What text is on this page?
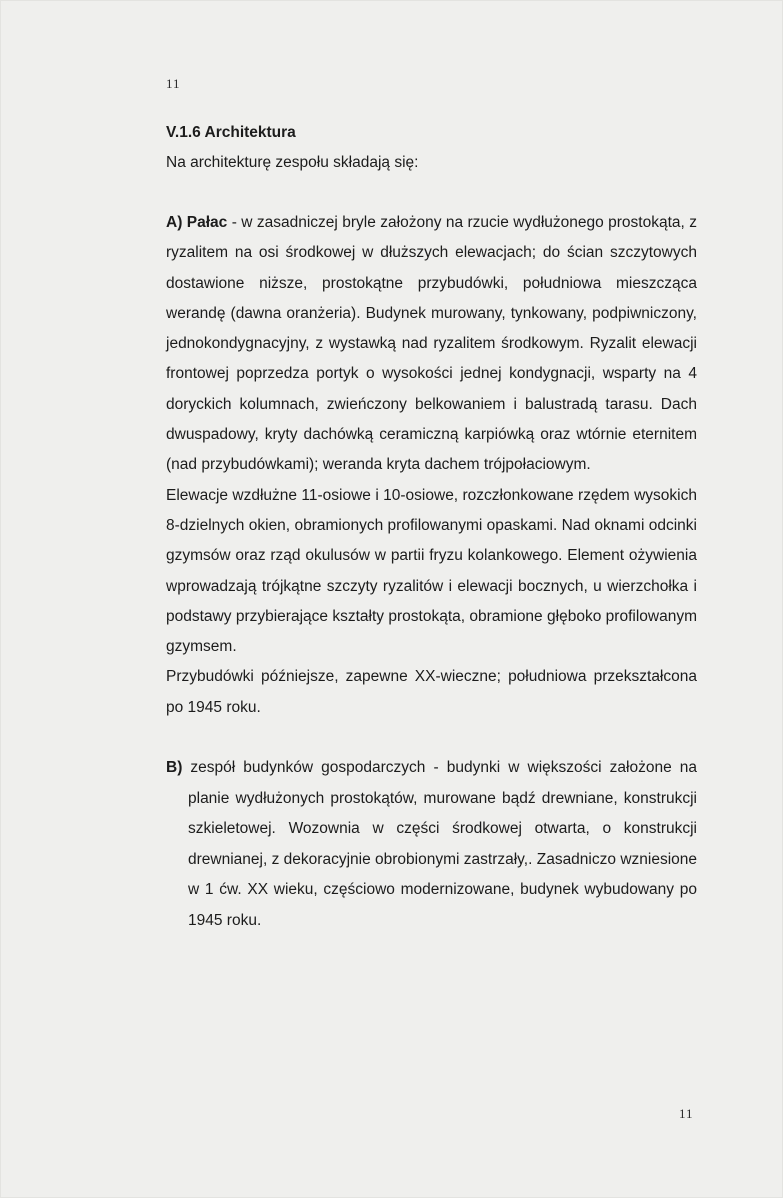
11

V.1.6 Architektura

Na architekturę zespołu składają się:

A) Pałac - w zasadniczej bryle założony na rzucie wydłużonego prostokąta, z ryzalitem na osi środkowej w dłuższych elewacjach; do ścian szczytowych dostawione niższe, prostokątne przybudówki, południowa mieszcząca werandę (dawna oranżeria). Budynek murowany, tynkowany, podpiwniczony, jednokondygnacyjny, z wystawką nad ryzalitem środkowym. Ryzalit elewacji frontowej poprzedza portyk o wysokości jednej kondygnacji, wsparty na 4 doryckich kolumnach, zwieńczony belkowaniem i balustradą tarasu. Dach dwuspadowy, kryty dachówką ceramiczną karpiówką oraz wtórnie eternitem (nad przybudówkami); weranda kryta dachem trójpołaciowym.

Elewacje wzdłużne 11-osiowe i 10-osiowe, rozczłonkowane rzędem wysokich 8-dzielnych okien, obramionych profilowanymi opaskami. Nad oknami odcinki gzymsów oraz rząd okulusów w partii fryzu kolankowego. Element ożywienia wprowadzają trójkątne szczyty ryzalitów i elewacji bocznych, u wierzchołka i podstawy przybierające kształty prostokąta, obramione głęboko profilowanym gzymsem.

Przybudówki późniejsze, zapewne XX-wieczne; południowa przekształcona po 1945 roku.

B) zespół budynków gospodarczych - budynki w większości założone na planie wydłużonych prostokątów, murowane bądź drewniane, konstrukcji szkieletowej. Wozownia w części środkowej otwarta, o konstrukcji drewnianej, z dekoracyjnie obrobionymi zastrzały,. Zasadniczo wzniesione w 1 ćw. XX wieku, częściowo modernizowane, budynek wybudowany po 1945 roku.

11
